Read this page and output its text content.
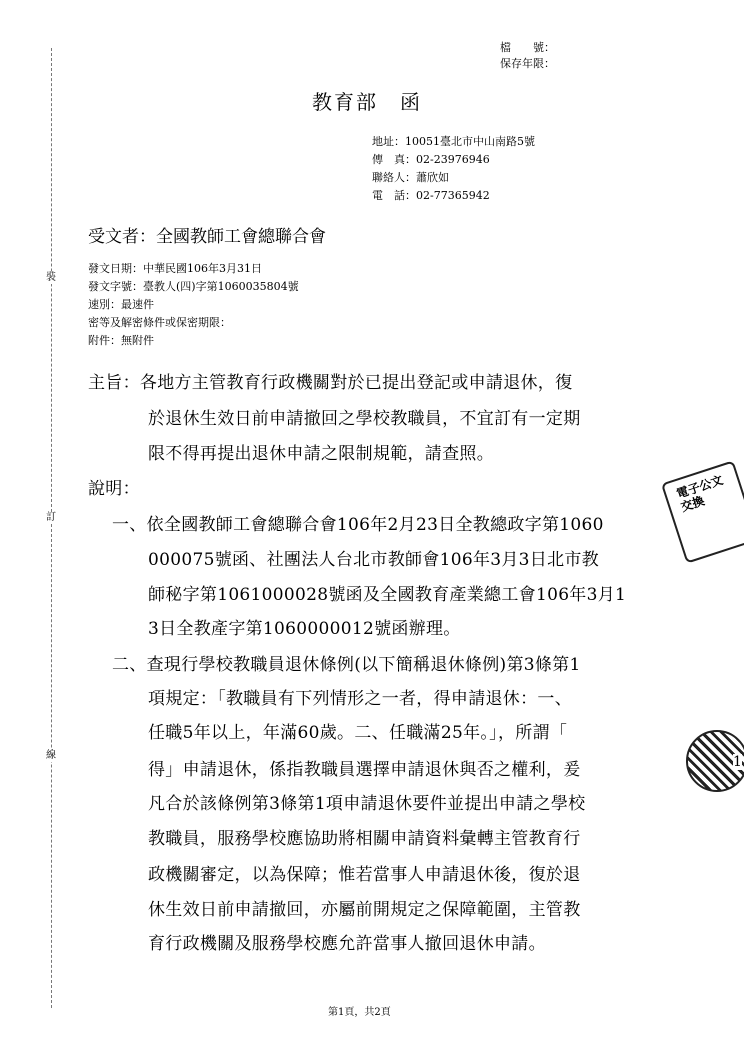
裝
訂
線
檔　　號：
保存年限：
教育部　函
地址：10051臺北市中山南路5號
傳　真：02-23976946
聯絡人：蕭欣如
電　話：02-77365942
受文者：全國教師工會總聯合會
發文日期：中華民國106年3月31日
發文字號：臺教人(四)字第1060035804號
速別：最速件
密等及解密條件或保密期限：
附件：無附件
主旨：各地方主管教育行政機關對於已提出登記或申請退休，復
於退休生效日前申請撤回之學校教職員，不宜訂有一定期
限不得再提出退休申請之限制規範，請查照。
說明：
一、依全國教師工會總聯合會106年2月23日全教總政字第1060
000075號函、社團法人台北市教師會106年3月3日北市教
師秘字第1061000028號函及全國教育產業總工會106年3月1
3日全教產字第1060000012號函辦理。
二、查現行學校教職員退休條例(以下簡稱退休條例)第3條第1
項規定：「教職員有下列情形之一者，得申請退休：一、
任職5年以上，年滿60歲。二、任職滿25年。」，所謂「
得」申請退休，係指教職員選擇申請退休與否之權利，爰
凡合於該條例第3條第1項申請退休要件並提出申請之學校
教職員，服務學校應協助將相關申請資料彙轉主管教育行
政機關審定，以為保障；惟若當事人申請退休後，復於退
休生效日前申請撤回，亦屬前開規定之保障範圍，主管教
育行政機關及服務學校應允許當事人撤回退休申請。
電子公文
交換
1
第1頁，共2頁
